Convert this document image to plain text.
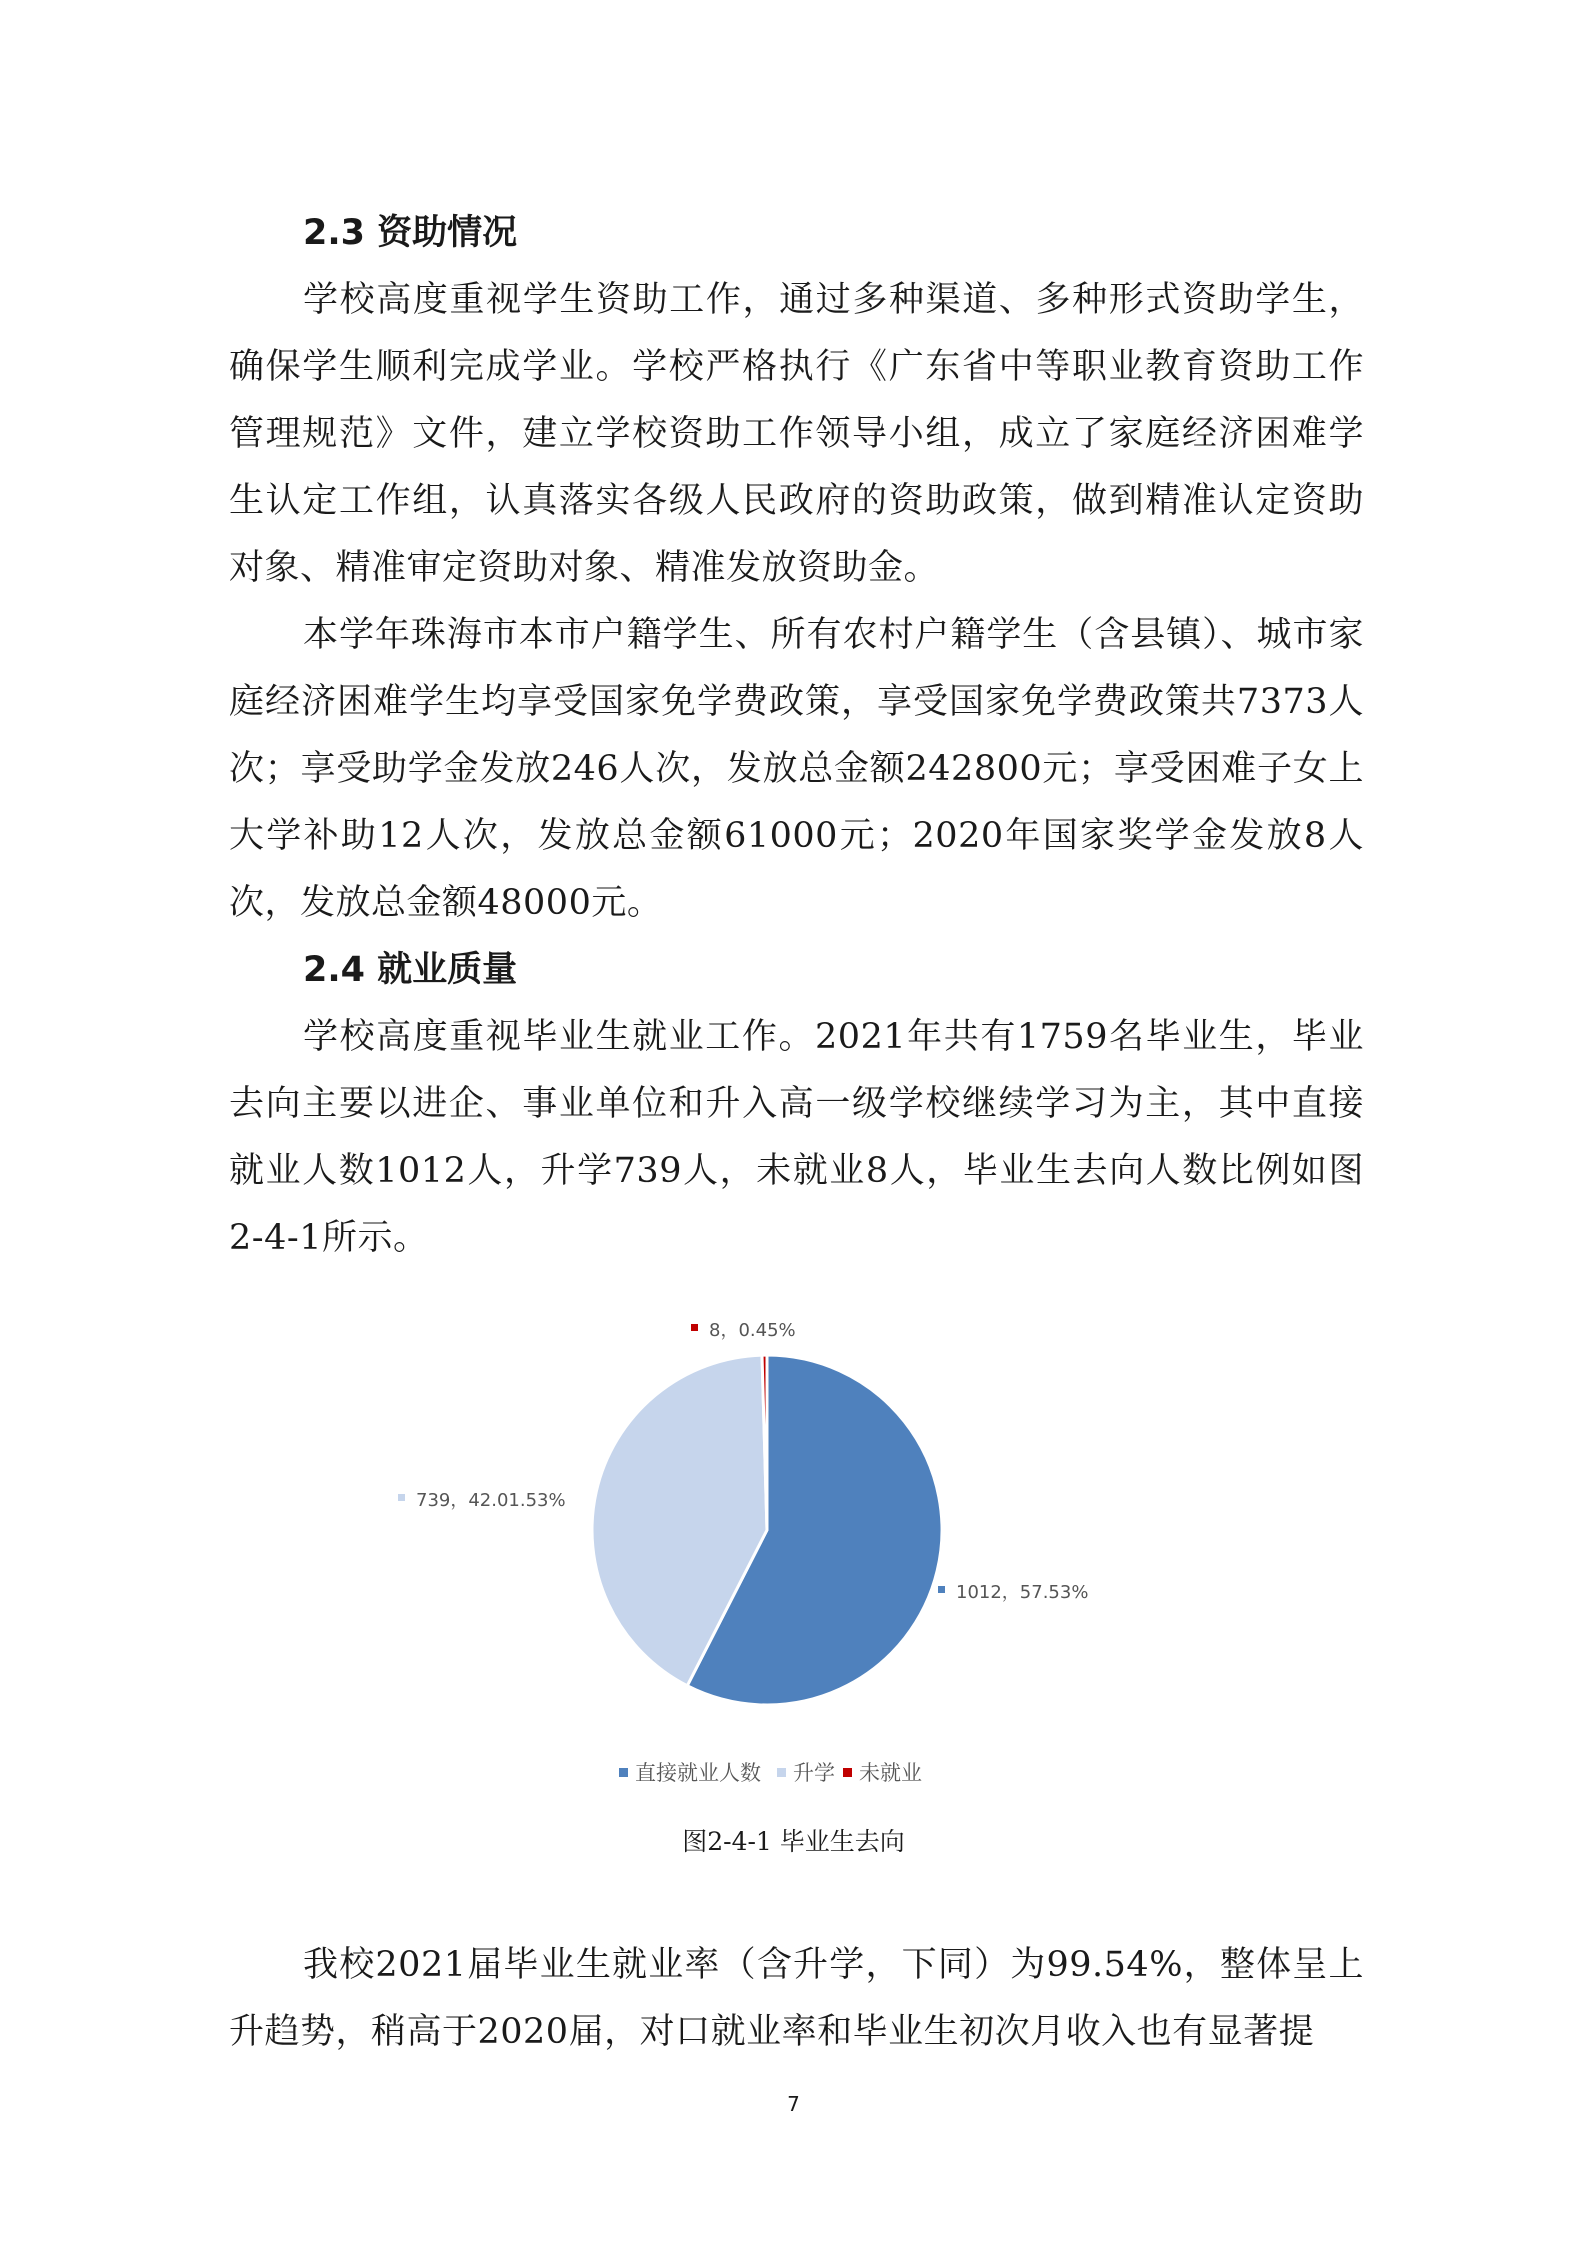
2.3 资助情况

学校高度重视学生资助工作，通过多种渠道、多种形式资助学生，确保学生顺利完成学业。学校严格执行《广东省中等职业教育资助工作管理规范》文件，建立学校资助工作领导小组，成立了家庭经济困难学生认定工作组，认真落实各级人民政府的资助政策，做到精准认定资助对象、精准审定资助对象、精准发放资助金。

本学年珠海市本市户籍学生、所有农村户籍学生（含县镇）、城市家庭经济困难学生均享受国家免学费政策，享受国家免学费政策共7373人次；享受助学金发放246人次，发放总金额242800元；享受困难子女上大学补助12人次，发放总金额61000元；2020年国家奖学金发放8人次，发放总金额48000元。

2.4 就业质量

学校高度重视毕业生就业工作。2021年共有1759名毕业生，毕业去向主要以进企、事业单位和升入高一级学校继续学习为主，其中直接就业人数1012人，升学739人，未就业8人，毕业生去向人数比例如图2-4-1所示。

1012，57.53%
739，42.01.53%
8，0.45%
直接就业人数 升学 未就业
图2-4-1 毕业生去向

我校2021届毕业生就业率（含升学，下同）为99.54%，整体呈上升趋势，稍高于2020届，对口就业率和毕业生初次月收入也有显著提

7
